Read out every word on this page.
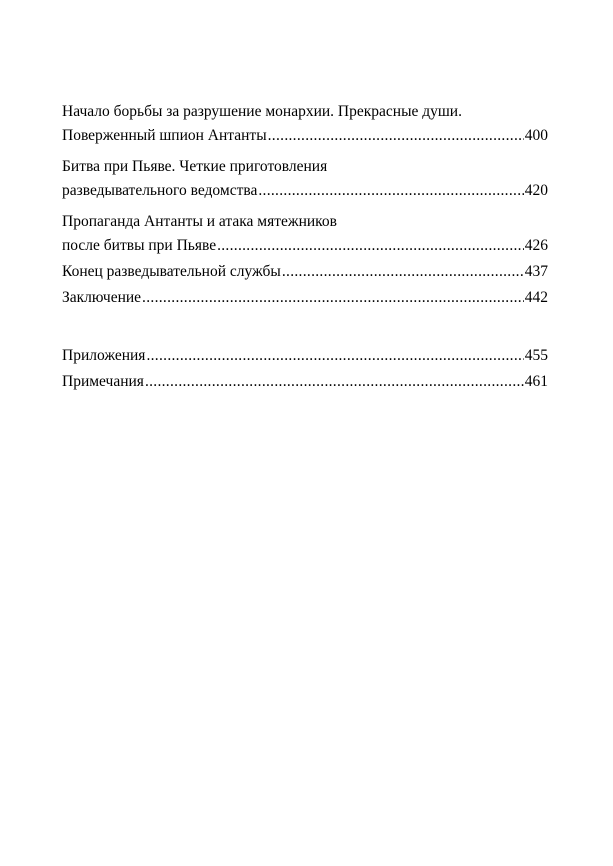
Начало борьбы за разрушение монархии. Прекрасные души.
Поверженный шпион Антанты .....	400
Битва при Пьяве. Четкие приготовления
разведывательного ведомства .....	420
Пропаганда Антанты и атака мятежников
после битвы при Пьяве .....	426
Конец разведывательной службы .....	437
Заключение .....	442
Приложения .....	455
Примечания .....	461
